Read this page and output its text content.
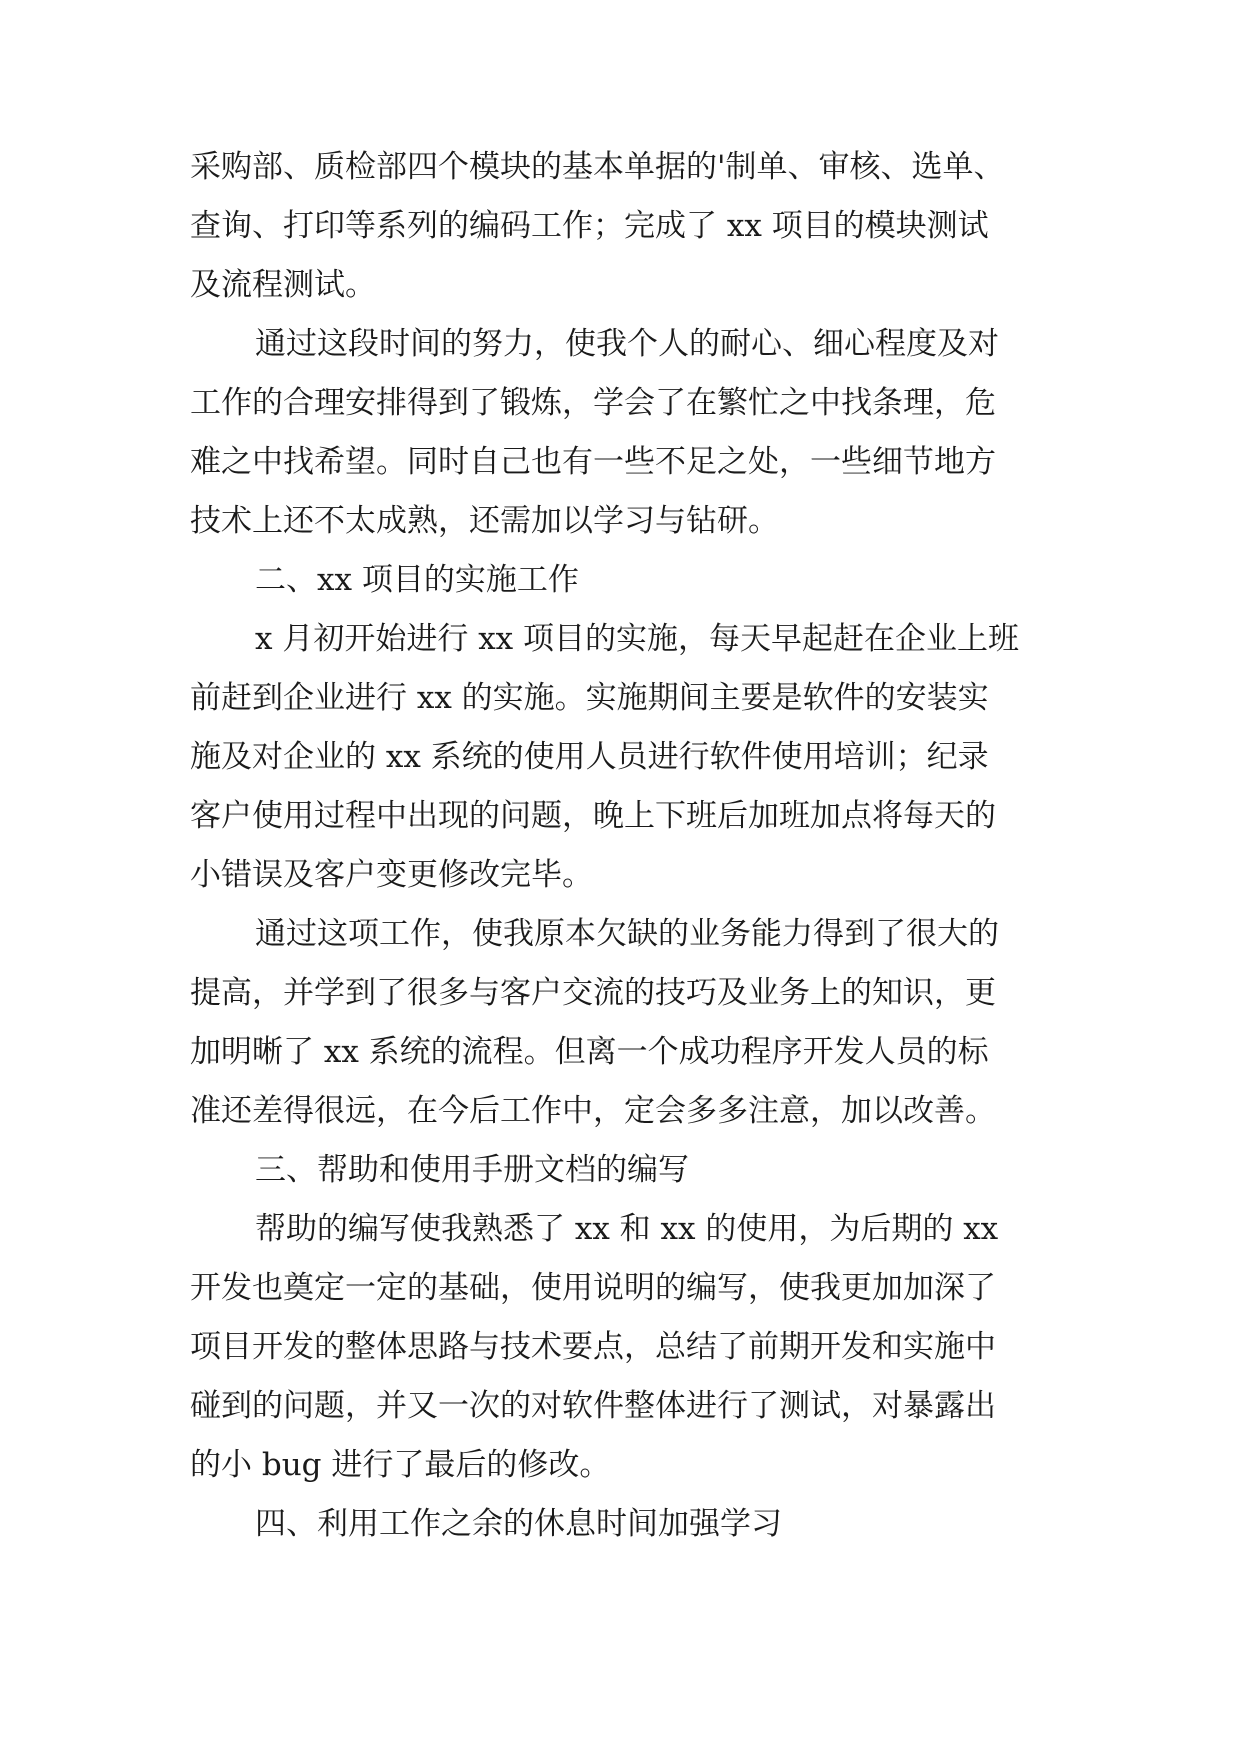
采购部、质检部四个模块的基本单据的'制单、审核、选单、
查询、打印等系列的编码工作；完成了 xx 项目的模块测试
及流程测试。
通过这段时间的努力，使我个人的耐心、细心程度及对
工作的合理安排得到了锻炼，学会了在繁忙之中找条理，危
难之中找希望。同时自己也有一些不足之处，一些细节地方
技术上还不太成熟，还需加以学习与钻研。
二、xx 项目的实施工作
x 月初开始进行 xx 项目的实施，每天早起赶在企业上班
前赶到企业进行 xx 的实施。实施期间主要是软件的安装实
施及对企业的 xx 系统的使用人员进行软件使用培训；纪录
客户使用过程中出现的问题，晚上下班后加班加点将每天的
小错误及客户变更修改完毕。
通过这项工作，使我原本欠缺的业务能力得到了很大的
提高，并学到了很多与客户交流的技巧及业务上的知识，更
加明晰了 xx 系统的流程。但离一个成功程序开发人员的标
准还差得很远，在今后工作中，定会多多注意，加以改善。
三、帮助和使用手册文档的编写
帮助的编写使我熟悉了 xx 和 xx 的使用，为后期的 xx
开发也奠定一定的基础，使用说明的编写，使我更加加深了
项目开发的整体思路与技术要点，总结了前期开发和实施中
碰到的问题，并又一次的对软件整体进行了测试，对暴露出
的小 bug 进行了最后的修改。
四、利用工作之余的休息时间加强学习
